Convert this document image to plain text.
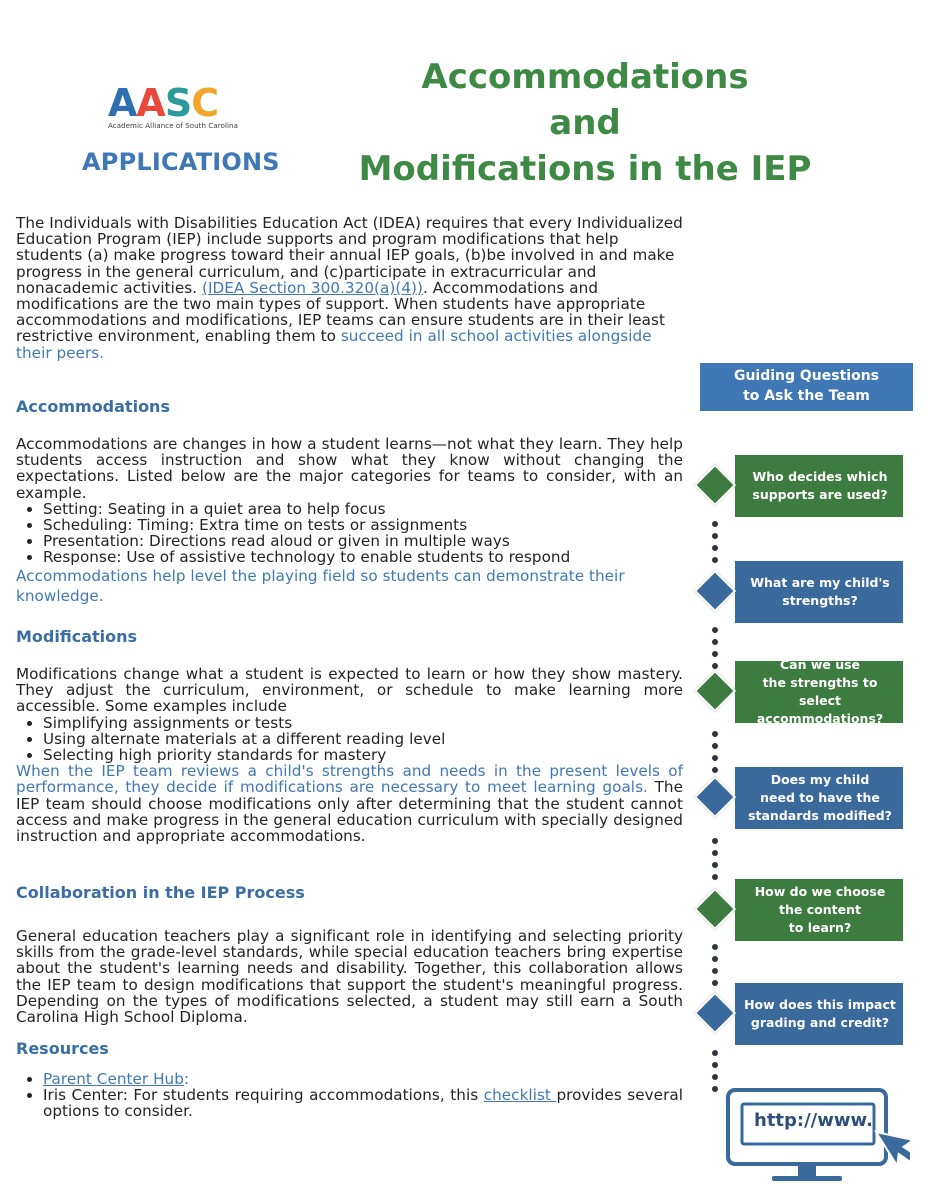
A A S C
Academic Alliance of South Carolina
APPLICATIONS
Accommodations
and
Modifications in the IEP
The Individuals with Disabilities Education Act (IDEA) requires that every Individualized Education Program (IEP) include supports and program modifications that help students (a) make progress toward their annual IEP goals, (b)be involved in and make progress in the general curriculum, and (c)participate in extracurricular and nonacademic activities. (IDEA Section 300.320(a)(4)). Accommodations and modifications are the two main types of support. When students have appropriate accommodations and modifications, IEP teams can ensure students are in their least restrictive environment, enabling them to succeed in all school activities alongside their peers.
Accommodations
Accommodations are changes in how a student learns—not what they learn. They help students access instruction and show what they know without changing the expectations. Listed below are the major categories for teams to consider, with an example.
Setting: Seating in a quiet area to help focus
Scheduling: Timing: Extra time on tests or assignments
Presentation: Directions read aloud or given in multiple ways
Response: Use of assistive technology to enable students to respond
Accommodations help level the playing field so students can demonstrate their knowledge.
Modifications
Modifications change what a student is expected to learn or how they show mastery. They adjust the curriculum, environment, or schedule to make learning more accessible. Some examples include
Simplifying assignments or tests
Using alternate materials at a different reading level
Selecting high priority standards for mastery
When the IEP team reviews a child's strengths and needs in the present levels of performance, they decide if modifications are necessary to meet learning goals. The IEP team should choose modifications only after determining that the student cannot access and make progress in the general education curriculum with specially designed instruction and appropriate accommodations.
Collaboration in the IEP Process
General education teachers play a significant role in identifying and selecting priority skills from the grade-level standards, while special education teachers bring expertise about the student's learning needs and disability. Together, this collaboration allows the IEP team to design modifications that support the student's meaningful progress. Depending on the types of modifications selected, a student may still earn a South Carolina High School Diploma.
Resources
Parent Center Hub:
Iris Center: For students requiring accommodations, this checklist provides several options to consider.
Guiding Questions
to Ask the Team
Who decides which
supports are used?
What are my child's
strengths?
Can we use
the strengths to select
accommodations?
Does my child
need to have the
standards modified?
How do we choose
the content
to learn?
How does this impact
grading and credit?
http://www.
